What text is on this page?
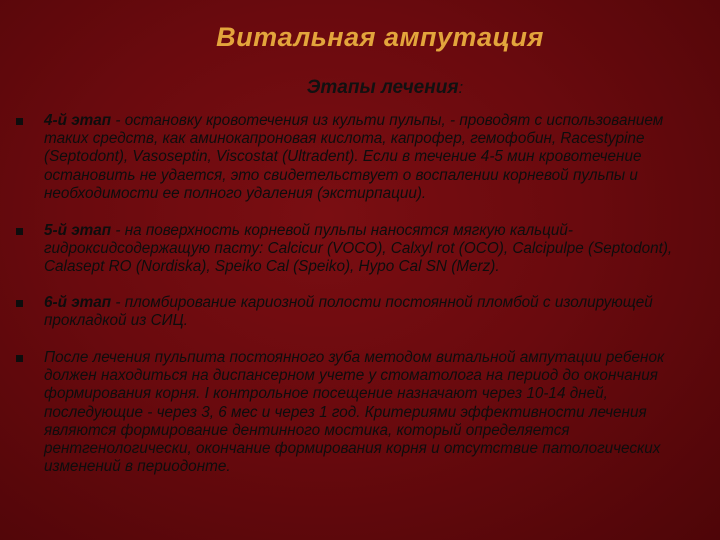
Витальная ампутация
Этапы лечения:
4-й этап - остановку кровотечения из культи пульпы, - проводят с использованием таких средств, как аминокапроновая кислота, капрофер, гемофобин, Racestypine (Septodont), Vasoseptin, Viscostat (Ultradent). Если в течение 4-5 мин кровотечение остановить не удается, это свидетельствует о воспалении корневой пульпы и необходимости ее полного удаления (экстирпации).
5-й этап - на поверхность корневой пульпы наносятся мягкую кальций-гидроксидсодержащую пасту: Calcicur (VOCO), Calxyl rot (OCO), Calcipulpe (Septodont), Calasept RO (Nordiska), Speiko Cal (Speiko), Hypo Cal SN (Merz).
6-й этап - пломбирование кариозной полости постоянной пломбой с изолирующей прокладкой из СИЦ.
После лечения пульпита постоянного зуба методом витальной ампутации ребенок должен находиться на диспансерном учете у стоматолога на период до окончания формирования корня. I контрольное посещение назначают через 10-14 дней, последующие - через 3, 6 мес и через 1 год. Критериями эффективности лечения являются формирование дентинного мостика, который определяется рентгенологически, окончание формирования корня и отсутствие патологических изменений в периодонте.
